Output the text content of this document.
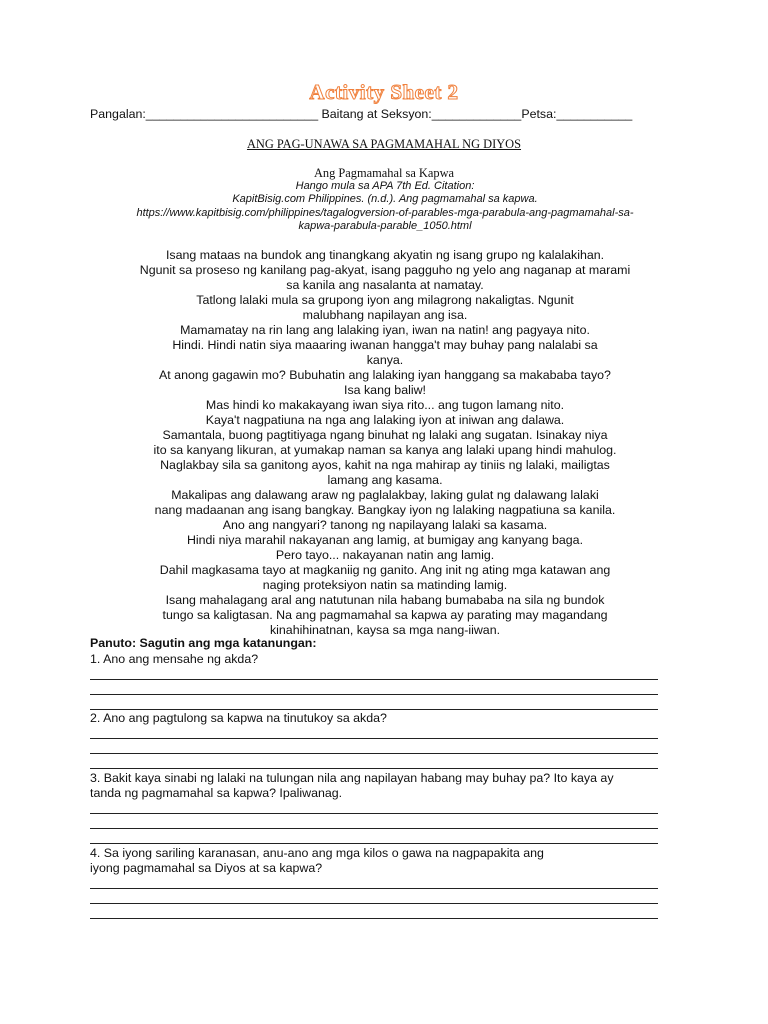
Activity Sheet 2
Pangalan:_________________________ Baitang at Seksyon:_____________Petsa:___________
ANG PAG-UNAWA SA PAGMAMAHAL NG DIYOS
Ang Pagmamahal sa Kapwa
Hango mula sa APA 7th Ed. Citation:
KapitBisig.com Philippines. (n.d.). Ang pagmamahal sa kapwa.
https://www.kapitbisig.com/philippines/tagalogversion-of-parables-mga-parabula-ang-pagmamahal-sa-
kapwa-parabula-parable_1050.html
Isang mataas na bundok ang tinangkang akyatin ng isang grupo ng kalalakihan.
Ngunit sa proseso ng kanilang pag-akyat, isang pagguho ng yelo ang naganap at marami
sa kanila ang nasalanta at namatay.
Tatlong lalaki mula sa grupong iyon ang milagrong nakaligtas. Ngunit
malubhang napilayan ang isa.
Mamamatay na rin lang ang lalaking iyan, iwan na natin! ang pagyaya nito.
Hindi. Hindi natin siya maaaring iwanan hangga't may buhay pang nalalabi sa
kanya.
At anong gagawin mo? Bubuhatin ang lalaking iyan hanggang sa makababa tayo?
Isa kang baliw!
Mas hindi ko makakayang iwan siya rito... ang tugon lamang nito.
Kaya't nagpatiuna na nga ang lalaking iyon at iniwan ang dalawa.
Samantala, buong pagtitiyaga ngang binuhat ng lalaki ang sugatan. Isinakay niya
ito sa kanyang likuran, at yumakap naman sa kanya ang lalaki upang hindi mahulog.
Naglakbay sila sa ganitong ayos, kahit na nga mahirap ay tiniis ng lalaki, mailigtas
lamang ang kasama.
Makalipas ang dalawang araw ng paglalakbay, laking gulat ng dalawang lalaki
nang madaanan ang isang bangkay. Bangkay iyon ng lalaking nagpatiuna sa kanila.
Ano ang nangyari? tanong ng napilayang lalaki sa kasama.
Hindi niya marahil nakayanan ang lamig, at bumigay ang kanyang baga.
Pero tayo... nakayanan natin ang lamig.
Dahil magkasama tayo at magkaniig ng ganito. Ang init ng ating mga katawan ang
naging proteksiyon natin sa matinding lamig.
Isang mahalagang aral ang natutunan nila habang bumababa na sila ng bundok
tungo sa kaligtasan. Na ang pagmamahal sa kapwa ay parating may magandang
kinahihinatnan, kaysa sa mga nang-iiwan.
Panuto: Sagutin ang mga katanungan:
1. Ano ang mensahe ng akda?
2. Ano ang pagtulong sa kapwa na tinutukoy sa akda?
3. Bakit kaya sinabi ng lalaki na tulungan nila ang napilayan habang may buhay pa? Ito kaya ay
tanda ng pagmamahal sa kapwa? Ipaliwanag.
4. Sa iyong sariling karanasan, anu-ano ang mga kilos o gawa na nagpapakita ang
iyong pagmamahal sa Diyos at sa kapwa?
